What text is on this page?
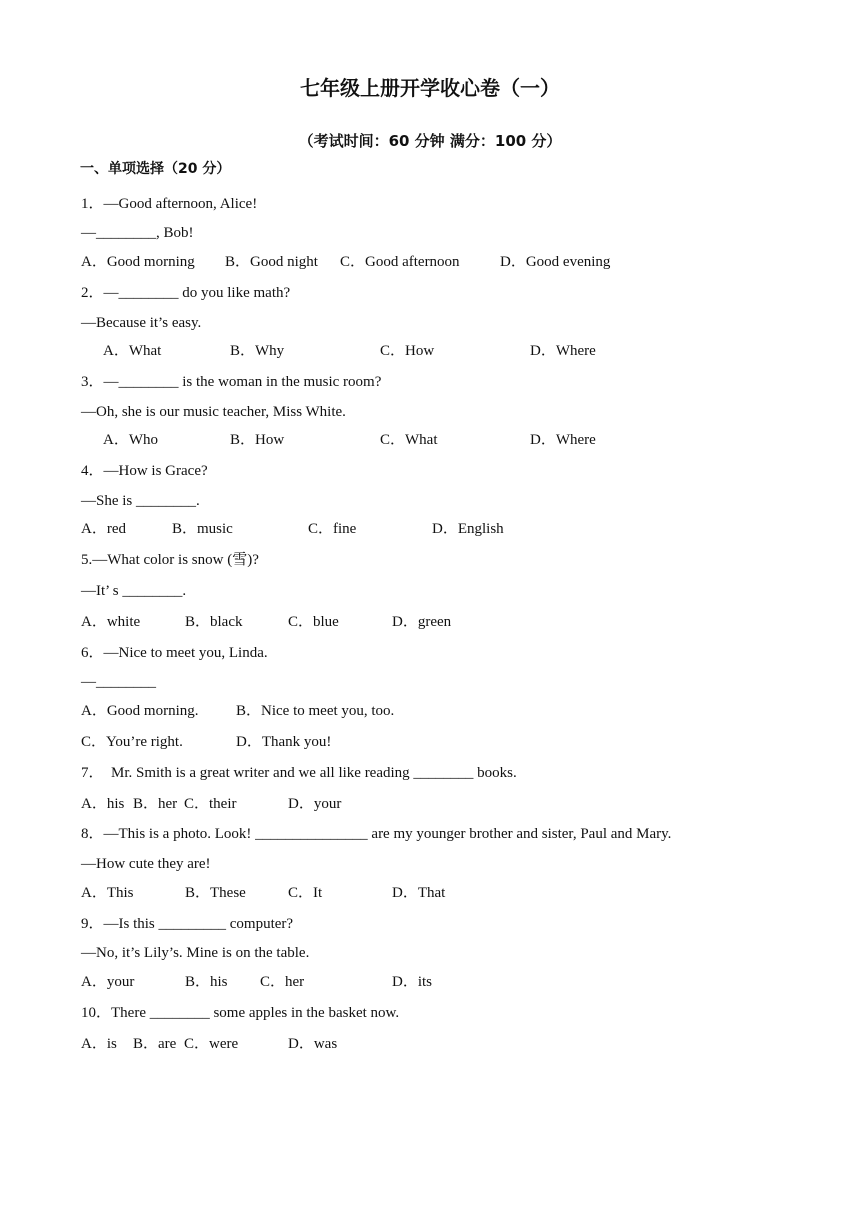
七年级上册开学收心卷（一）
（考试时间：60 分钟 满分：100 分）
一、单项选择（20 分）
1．—Good afternoon, Alice!
—________, Bob!
A．Good morning B．Good night C．Good afternoon	D．Good evening
2．—________ do you like math?
—Because it’s easy.
A．What	B．Why	C．How	D．Where
3．—________ is the woman in the music room?
—Oh, she is our music teacher, Miss White.
A．Who	B．How	C．What	D．Where
4．—How is Grace?
—She is ________.
A．red	B．music	C．fine	D．English
5.—What color is snow (雪)?
—It’ s ________.
A．white	B．black	C．blue	D．green
6．—Nice to meet you, Linda.
—________
A．Good morning.	B．Nice to meet you, too.
C．You’re right.	D．Thank you!
7．  Mr. Smith is a great writer and we all like reading ________ books.
A．his B．her C．their	D．your
8．—This is a photo. Look! _______________ are my younger brother and sister, Paul and Mary.
—How cute they are!
A．This	B．These	C．It	D．That
9．—Is this _________ computer?
—No, it’s Lily’s. Mine is on the table.
A．your	B．his C．her	D．its
10．There ________ some apples in the basket now.
A．is B．are C．were	D．was
